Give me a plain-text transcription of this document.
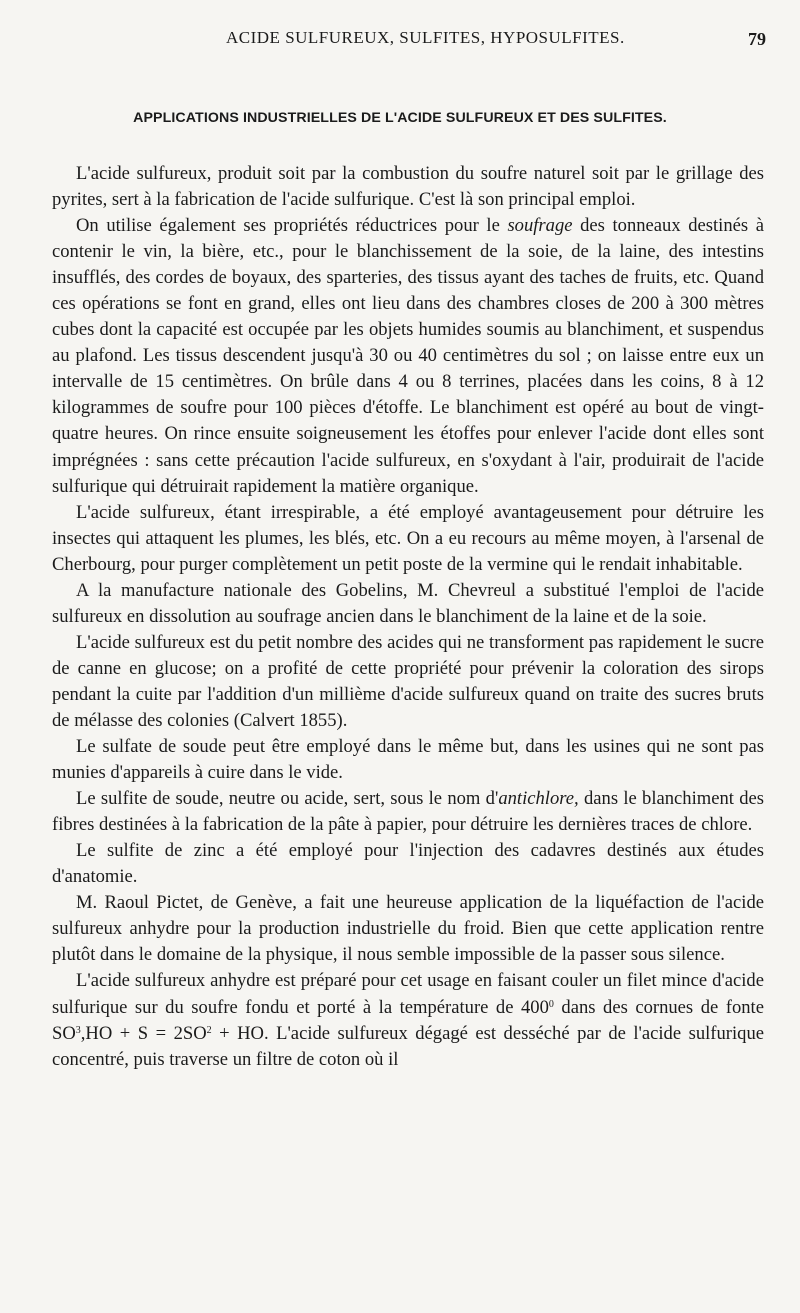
ACIDE SULFUREUX, SULFITES, HYPOSULFITES.	79
APPLICATIONS INDUSTRIELLES DE L'ACIDE SULFUREUX ET DES SULFITES.

L'acide sulfureux, produit soit par la combustion du soufre naturel soit par le grillage des pyrites, sert à la fabrication de l'acide sulfurique. C'est là son principal emploi.

On utilise également ses propriétés réductrices pour le soufrage des tonneaux destinés à contenir le vin, la bière, etc., pour le blanchissement de la soie, de la laine, des intestins insufflés, des cordes de boyaux, des sparteries, des tissus ayant des taches de fruits, etc. Quand ces opérations se font en grand, elles ont lieu dans des chambres closes de 200 à 300 mètres cubes dont la capacité est occupée par les objets humides soumis au blanchiment, et suspendus au plafond. Les tissus descendent jusqu'à 30 ou 40 centimètres du sol ; on laisse entre eux un intervalle de 15 centimètres. On brûle dans 4 ou 8 terrines, placées dans les coins, 8 à 12 kilogrammes de soufre pour 100 pièces d'étoffe. Le blanchiment est opéré au bout de vingt-quatre heures. On rince ensuite soigneusement les étoffes pour enlever l'acide dont elles sont imprégnées : sans cette précaution l'acide sulfureux, en s'oxydant à l'air, produirait de l'acide sulfurique qui détruirait rapidement la matière organique.

L'acide sulfureux, étant irrespirable, a été employé avantageusement pour détruire les insectes qui attaquent les plumes, les blés, etc. On a eu recours au même moyen, à l'arsenal de Cherbourg, pour purger complètement un petit poste de la vermine qui le rendait inhabitable.

A la manufacture nationale des Gobelins, M. Chevreul a substitué l'emploi de l'acide sulfureux en dissolution au soufrage ancien dans le blanchiment de la laine et de la soie.

L'acide sulfureux est du petit nombre des acides qui ne transforment pas rapidement le sucre de canne en glucose; on a profité de cette propriété pour prévenir la coloration des sirops pendant la cuite par l'addition d'un millième d'acide sulfureux quand on traite des sucres bruts de mélasse des colonies (Calvert 1855).

Le sulfate de soude peut être employé dans le même but, dans les usines qui ne sont pas munies d'appareils à cuire dans le vide.

Le sulfite de soude, neutre ou acide, sert, sous le nom d'antichlore, dans le blanchiment des fibres destinées à la fabrication de la pâte à papier, pour détruire les dernières traces de chlore.

Le sulfite de zinc a été employé pour l'injection des cadavres destinés aux études d'anatomie.

M. Raoul Pictet, de Genève, a fait une heureuse application de la liquéfaction de l'acide sulfureux anhydre pour la production industrielle du froid. Bien que cette application rentre plutôt dans le domaine de la physique, il nous semble impossible de la passer sous silence.

L'acide sulfureux anhydre est préparé pour cet usage en faisant couler un filet mince d'acide sulfurique sur du soufre fondu et porté à la température de $400^0$ dans des cornues de fonte $SO^3,HO + S = 2SO^2$ + HO. L'acide sulfureux dégagé est desséché par de l'acide sulfurique concentré, puis traverse un filtre de coton où il
